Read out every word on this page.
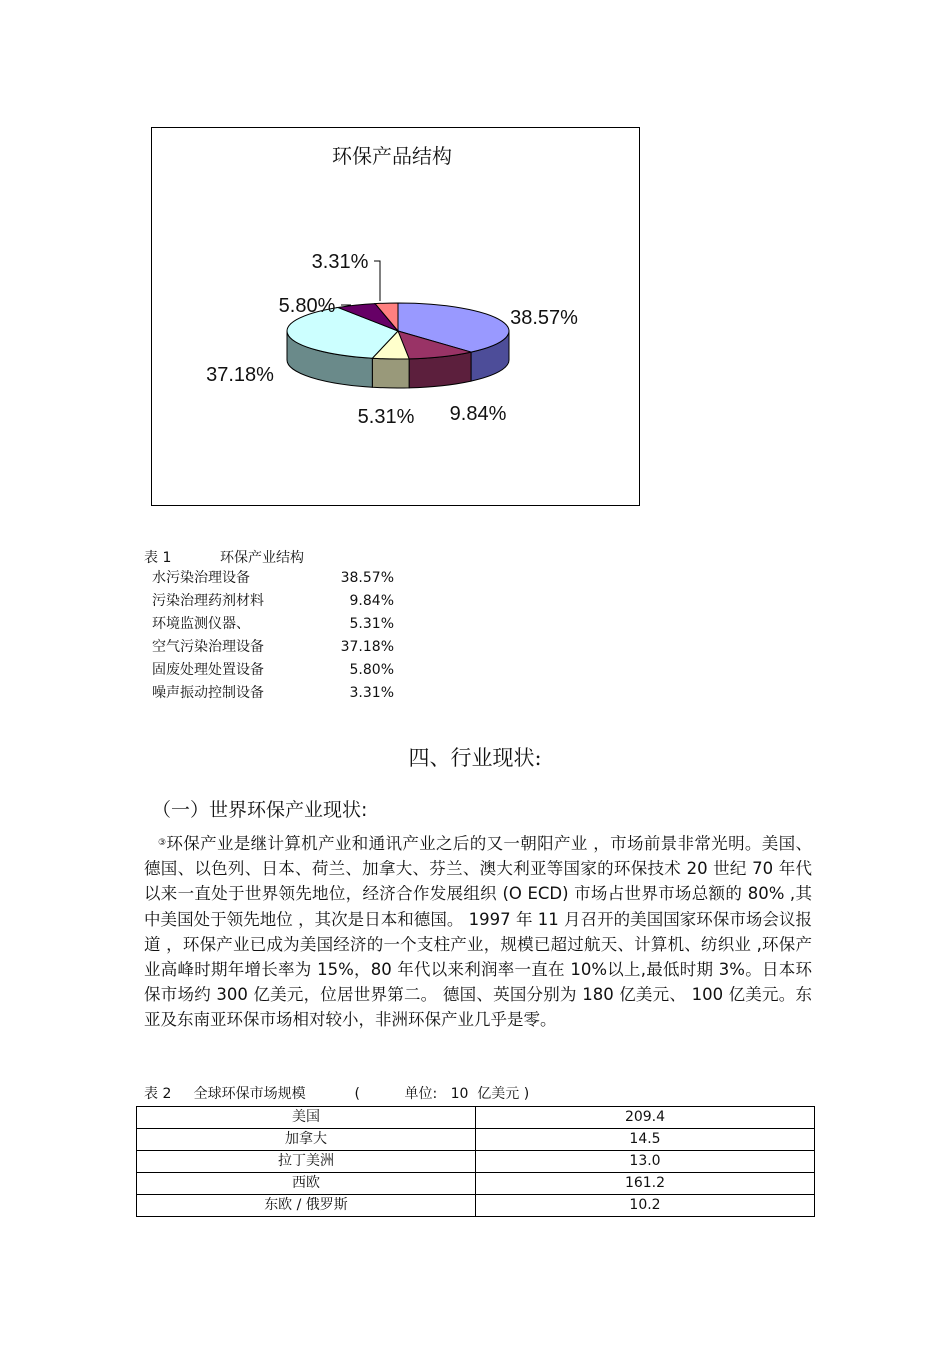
环保产品结构
38.57%
9.84%
5.31%
37.18%
5.80%
3.31%
表 1	环保产业结构
水污染治理设备	38.57%
污染治理药剂材料	9.84%
环境监测仪器、	5.31%
空气污染治理设备	37.18%
固废处理处置设备	5.80%
噪声振动控制设备	3.31%
四、行业现状:
（一）世界环保产业现状:

③环保产业是继计算机产业和通讯产业之后的又一朝阳产业 ，市场前景非常光明。美国、德国、以色列、日本、荷兰、加拿大、芬兰、澳大利亚等国家的环保技术 20 世纪 70 年代以来一直处于世界领先地位，经济合作发展组织 (O ECD) 市场占世界市场总额的 80% ,其中美国处于领先地位 ，其次是日本和德国。 1997 年 11 月召开的美国国家环保市场会议报道 ，环保产业已成为美国经济的一个支柱产业，规模已超过航天、计算机、纺织业 ,环保产业高峰时期年增长率为 15%，80 年代以来利润率一直在 10%以上,最低时期 3%。日本环保市场约 300 亿美元，位居世界第二。 德国、英国分别为 180 亿美元、 100 亿美元。东亚及东南亚环保市场相对较小，非洲环保产业几乎是零。

表 2     全球环保市场规模           (          单位:   10  亿美元 )
美国	209.4
加拿大	14.5
拉丁美洲	13.0
西欧	161.2
东欧 / 俄罗斯	10.2
